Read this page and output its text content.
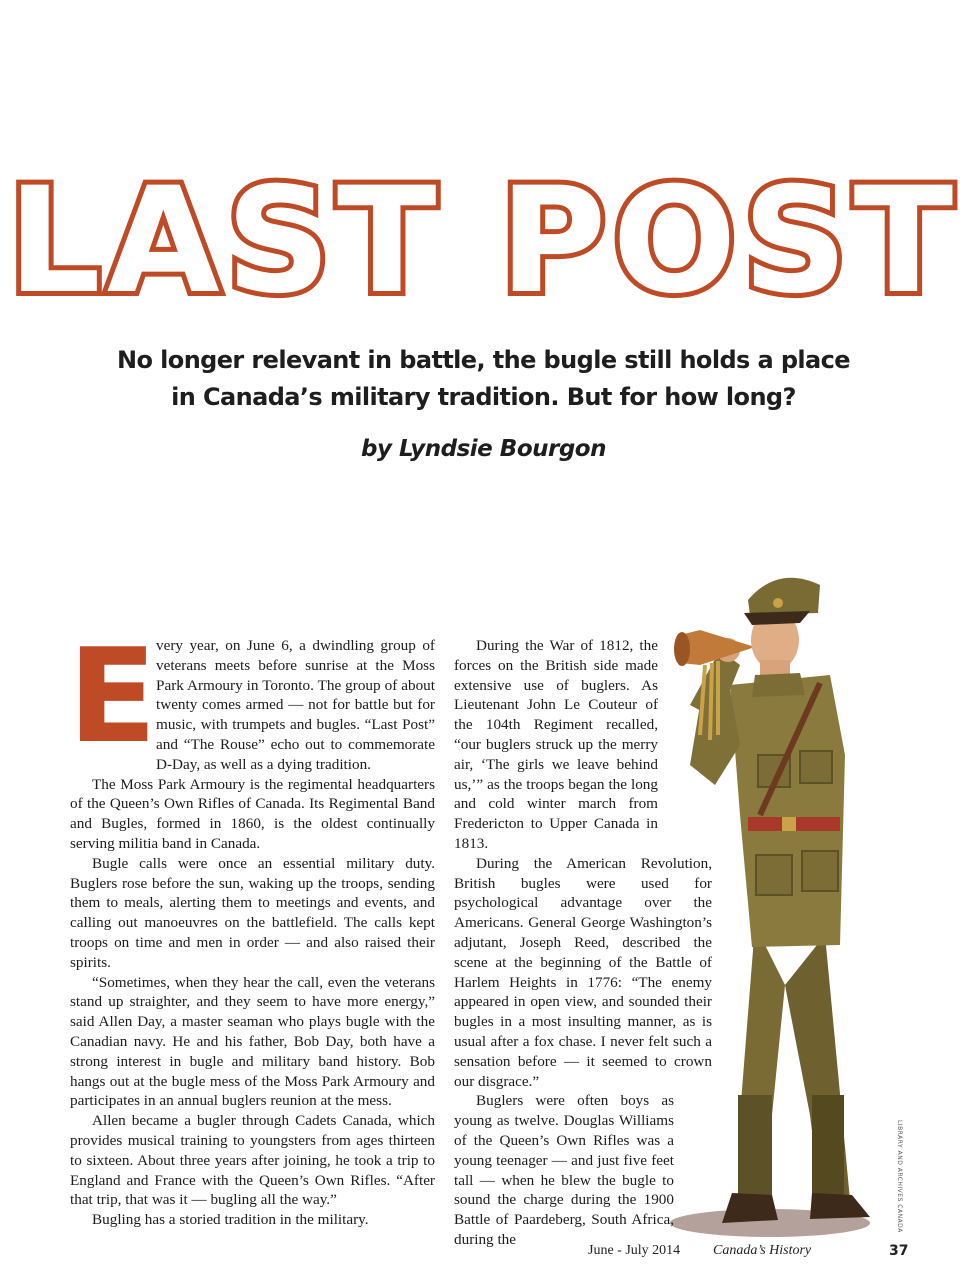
LAST POST
No longer relevant in battle, the bugle still holds a place
in Canada’s military tradition. But for how long?
by Lyndsie Bourgon

Every year, on June 6, a dwindling group of veterans meets before sunrise at the Moss Park Armoury in Toronto. The group of about twenty comes armed — not for battle but for music, with trumpets and bugles. “Last Post” and “The Rouse” echo out to commemorate D-Day, as well as a dying tradition.

The Moss Park Armoury is the regimental headquarters of the Queen’s Own Rifles of Canada. Its Regimental Band and Bugles, formed in 1860, is the oldest continually serving militia band in Canada.

Bugle calls were once an essential military duty. Buglers rose before the sun, waking up the troops, sending them to meals, alerting them to meetings and events, and calling out manoeuvres on the battlefield. The calls kept troops on time and men in order — and also raised their spirits.

“Sometimes, when they hear the call, even the veterans stand up straighter, and they seem to have more energy,” said Allen Day, a master seaman who plays bugle with the Canadian navy. He and his father, Bob Day, both have a strong interest in bugle and military band history. Bob hangs out at the bugle mess of the Moss Park Armoury and participates in an annual buglers reunion at the mess.

Allen became a bugler through Cadets Canada, which provides musical training to youngsters from ages thirteen to sixteen. About three years after joining, he took a trip to England and France with the Queen’s Own Rifles. “After that trip, that was it — bugling all the way.”

Bugling has a storied tradition in the military.

During the War of 1812, the forces on the British side made extensive use of buglers. As Lieutenant John Le Couteur of the 104th Regiment recalled, “our buglers struck up the merry air, ‘The girls we leave behind us,’” as the troops began the long and cold winter march from Fredericton to Upper Canada in 1813.

During the American Revolution, British bugles were used for psychological advantage over the Americans. General George Washington’s adjutant, Joseph Reed, described the scene at the beginning of the Battle of Harlem Heights in 1776: “The enemy appeared in open view, and sounded their bugles in a most insulting manner, as is usual after a fox chase. I never felt such a sensation before — it seemed to crown our disgrace.”

Buglers were often boys as young as twelve. Douglas Williams of the Queen’s Own Rifles was a young teenager — and just five feet tall — when he blew the bugle to sound the charge during the 1900 Battle of Paardeberg, South Africa, during the

LIBRARY AND ARCHIVES CANADA
June - July 2014 Canada’s History	37
